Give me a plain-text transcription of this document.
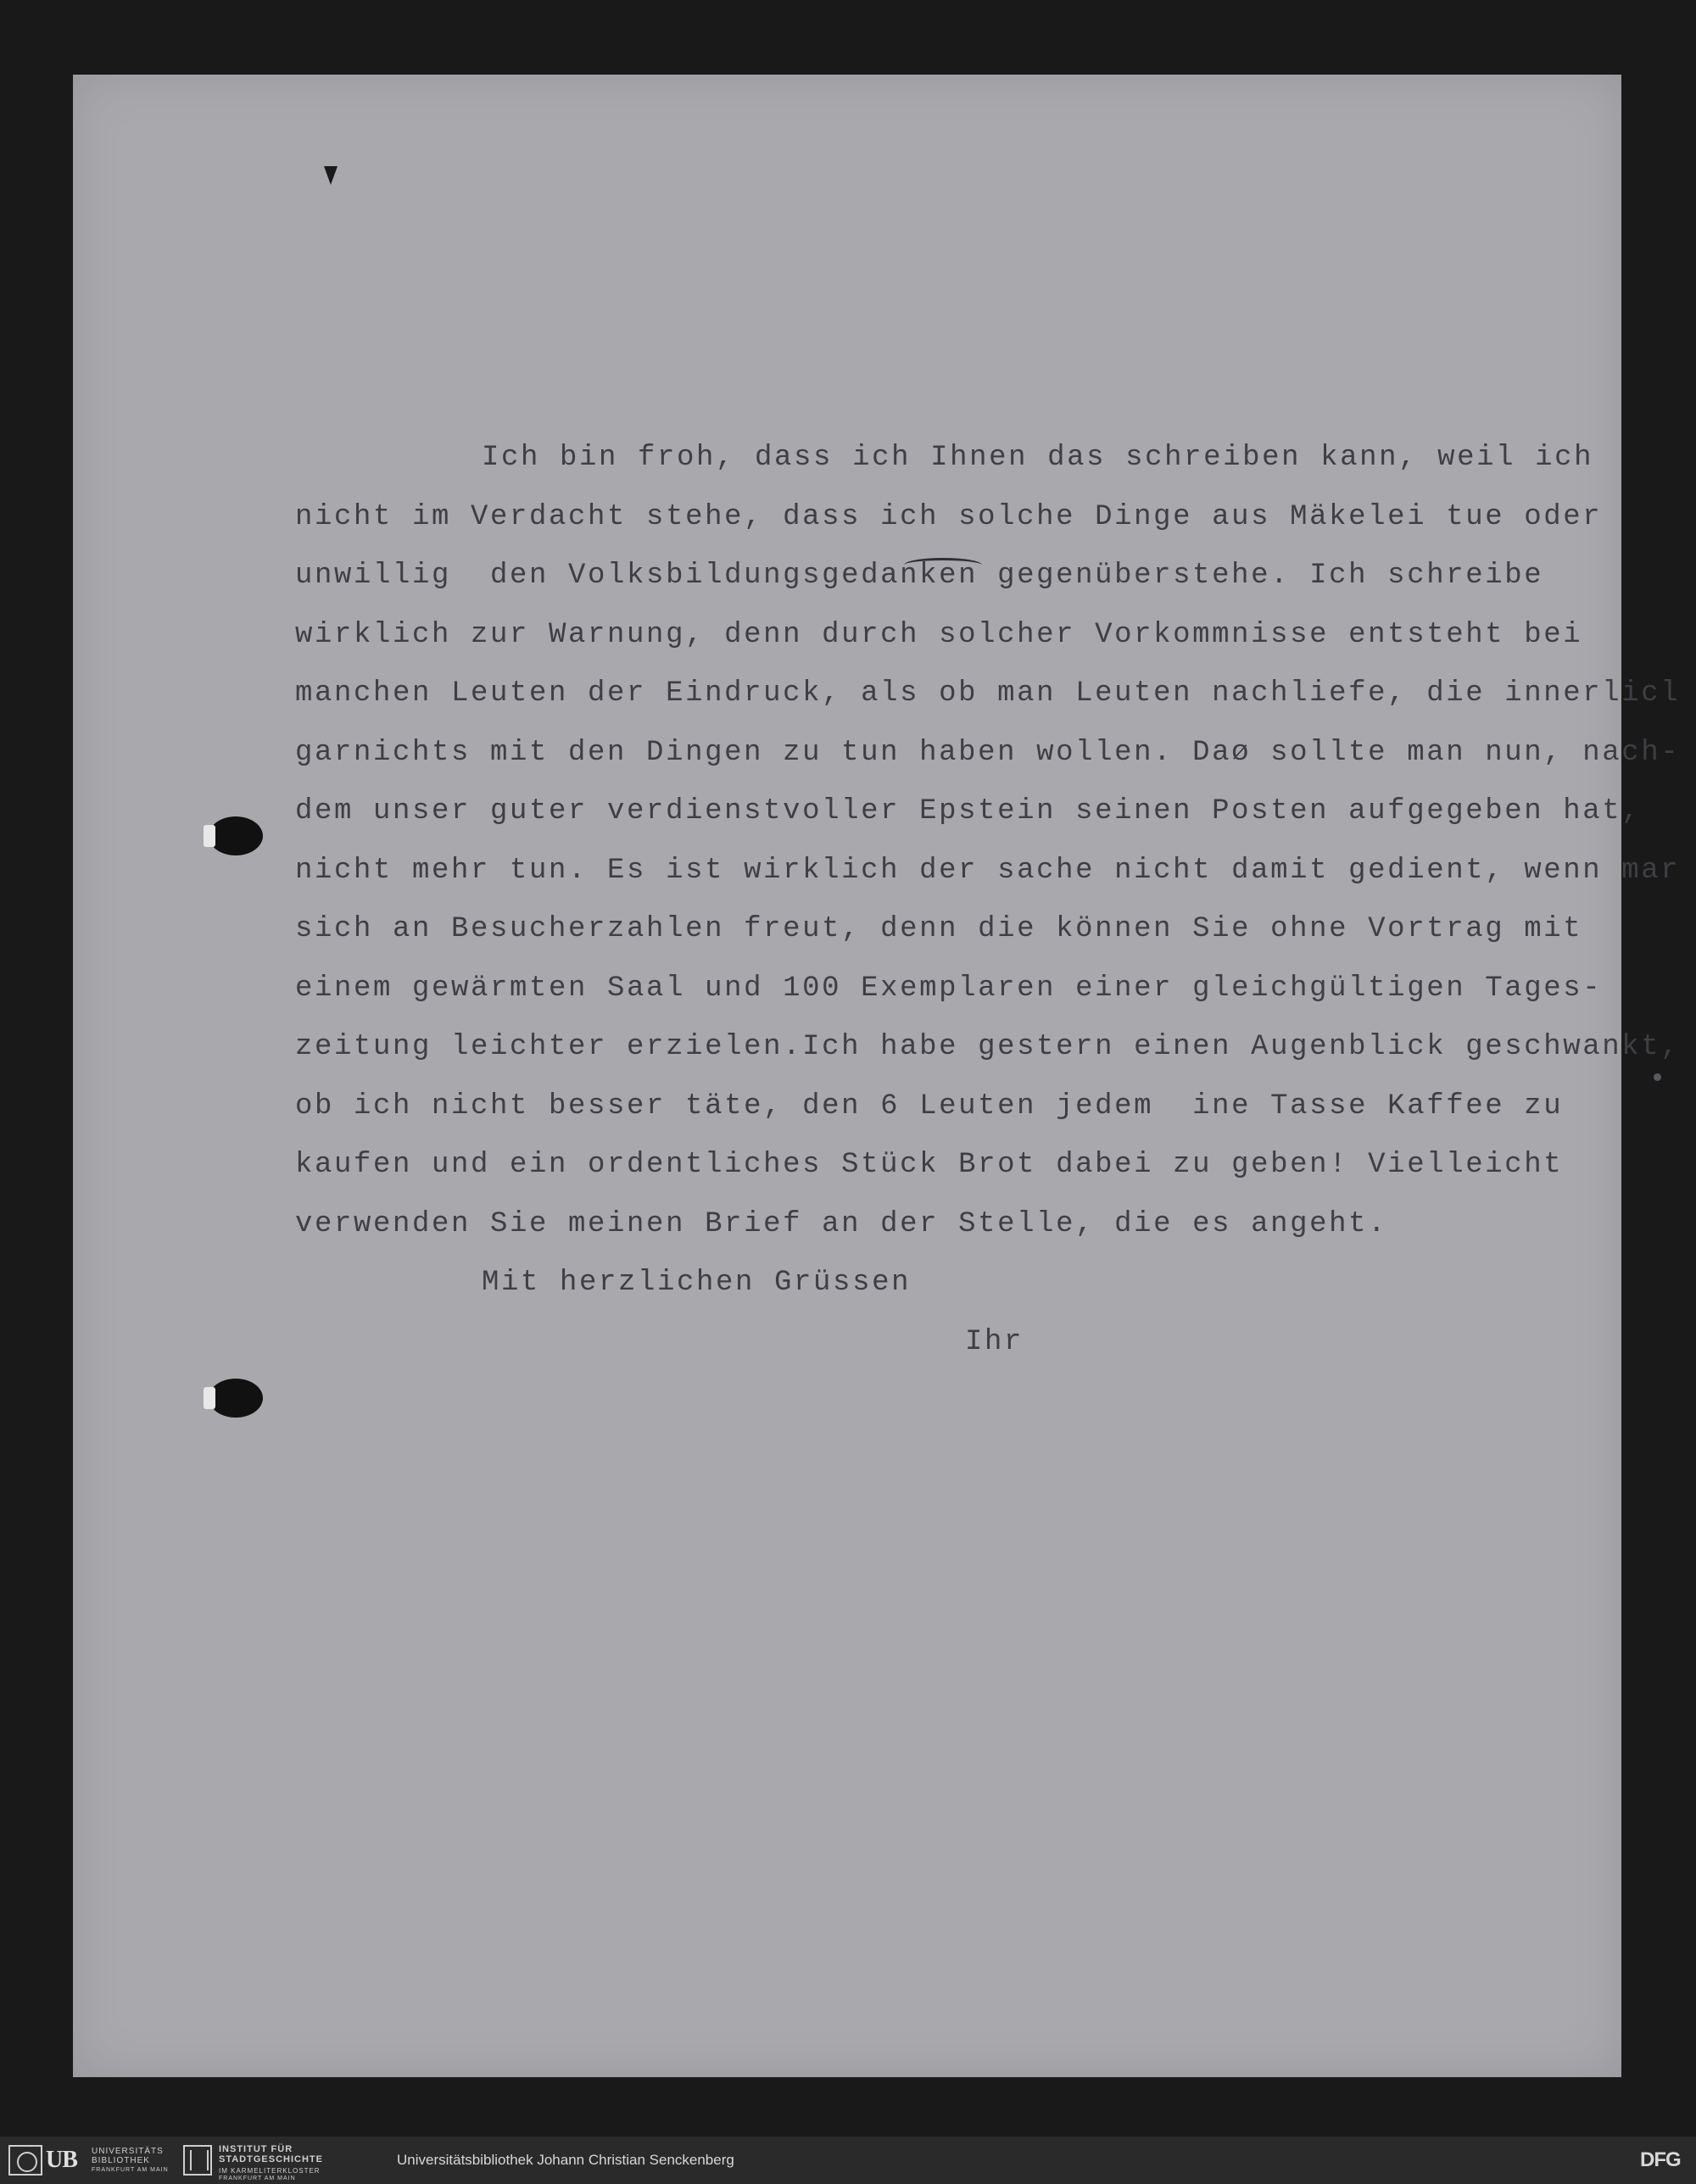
Ich bin froh, dass ich Ihnen das schreiben kann, weil ich
nicht im Verdacht stehe, dass ich solche Dinge aus Mäkelei tue oder
unwillig  den Volksbildungsgedanken gegenüberstehe. Ich schreibe
wirklich zur Warnung, denn durch solcher Vorkommnisse entsteht bei
manchen Leuten der Eindruck, als ob man Leuten nachliefe, die innerlicl
garnichts mit den Dingen zu tun haben wollen. Daø sollte man nun, nach-
dem unser guter verdienstvoller Epstein seinen Posten aufgegeben hat,
nicht mehr tun. Es ist wirklich der sache nicht damit gedient, wenn mar
sich an Besucherzahlen freut, denn die können Sie ohne Vortrag mit
einem gewärmten Saal und 100 Exemplaren einer gleichgültigen Tages-
zeitung leichter erzielen.Ich habe gestern einen Augenblick geschwankt,
ob ich nicht besser täte, den 6 Leuten jedem  ine Tasse Kaffee zu
kaufen und ein ordentliches Stück Brot dabei zu geben! Vielleicht
verwenden Sie meinen Brief an der Stelle, die es angeht.
Mit herzlichen Grüssen
Ihr
UB UNIVERSITÄTS
BIBLIOTHEK
FRANKFURT AM MAIN
INSTITUT FÜR
STADTGESCHICHTE
IM KARMELITERKLOSTER
FRANKFURT AM MAIN
Universitätsbibliothek Johann Christian Senckenberg	DFG
